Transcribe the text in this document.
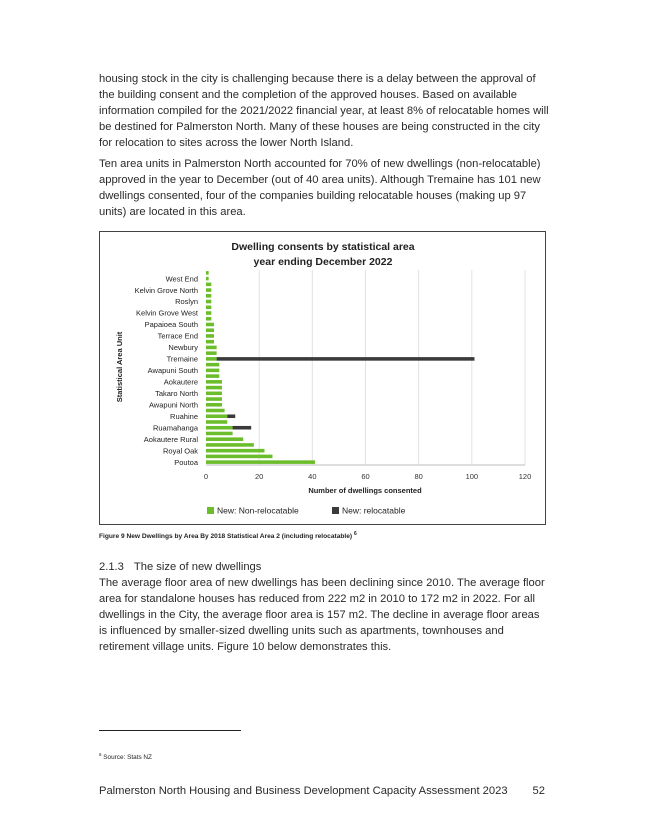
housing stock in the city is challenging because there is a delay between the approval of the building consent and the completion of the approved houses. Based on available information compiled for the 2021/2022 financial year, at least 8% of relocatable homes will be destined for Palmerston North. Many of these houses are being constructed in the city for relocation to sites across the lower North Island.

Ten area units in Palmerston North accounted for 70% of new dwellings (non-relocatable) approved in the year to December (out of 40 area units). Although Tremaine has 101 new dwellings consented, four of the companies building relocatable houses (making up 97 units) are located in this area.

Dwelling consents by statistical area
year ending December 2022
0	20	40	60	80	100	120
West End
Kelvin Grove North
Roslyn
Kelvin Grove West
Papaioea South
Terrace End
Newbury
Tremaine
Awapuni South
Aokautere
Takaro North
Awapuni North
Ruahine
Ruamahanga
Aokautere Rural
Royal Oak
Poutoa
Number of dwellings consented
Statistical Area Unit
New: Non-relocatable	New: relocatable

Figure 9 New Dwellings by Area By 2018 Statistical Area 2 (including relocatable) $^6$

2.1.3 The size of new dwellings

The average floor area of new dwellings has been declining since 2010. The average floor area for standalone houses has reduced from 222 m2 in 2010 to 172 m2 in 2022. For all dwellings in the City, the average floor area is 157 m2. The decline in average floor areas is influenced by smaller-sized dwelling units such as apartments, townhouses and retirement village units. Figure 10 below demonstrates this.

$^6$ Source: Stats NZ

Palmerston North Housing and Business Development Capacity Assessment 2023 52
